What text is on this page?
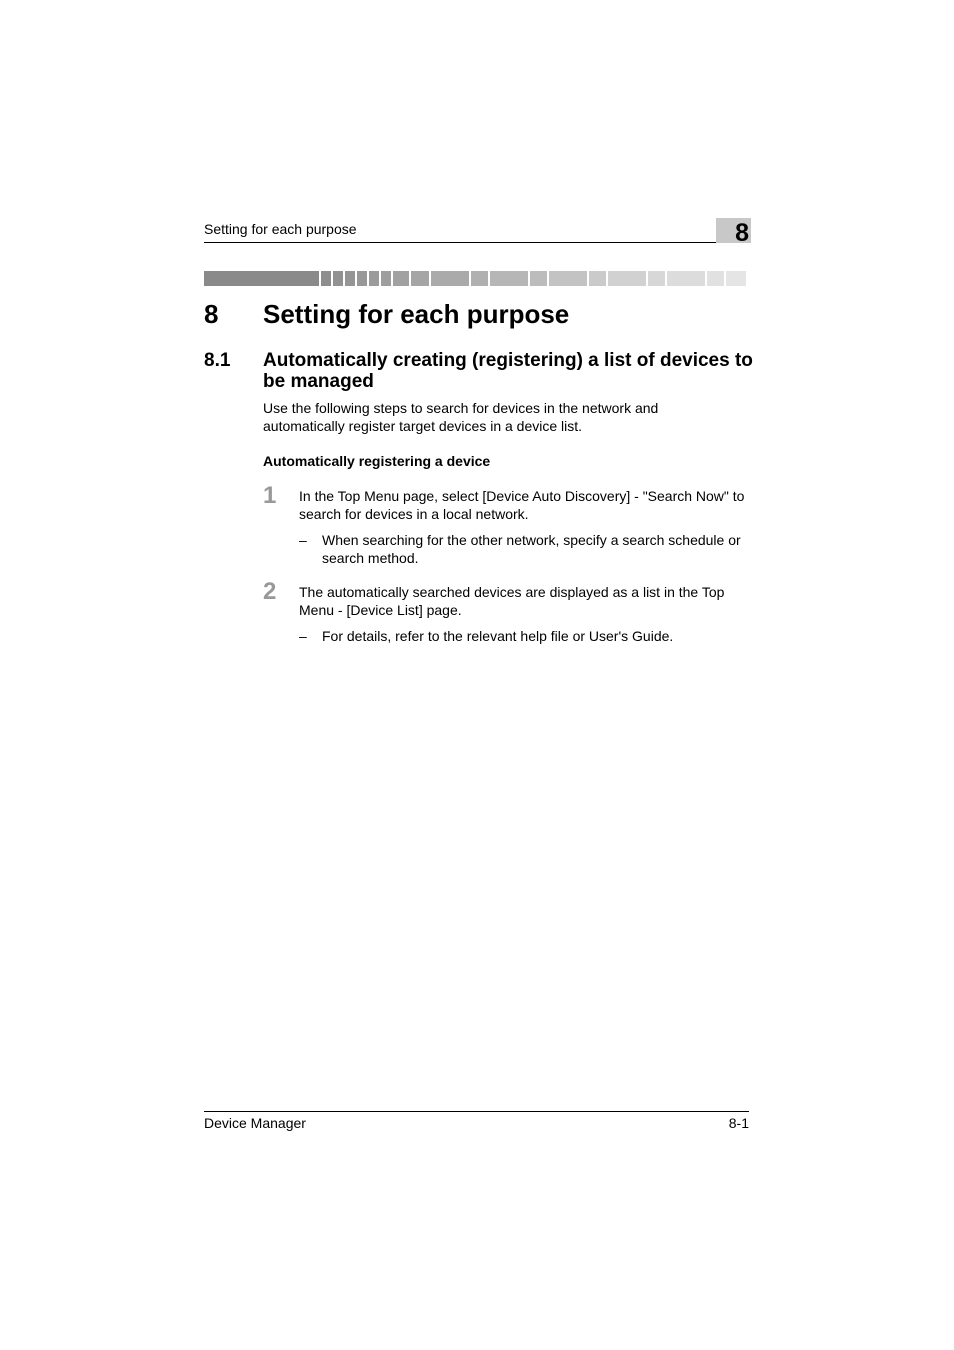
Setting for each purpose	8
8 Setting for each purpose
8.1 Automatically creating (registering) a list of devices to be managed
Use the following steps to search for devices in the network and automatically register target devices in a device list.
Automatically registering a device
1 In the Top Menu page, select [Device Auto Discovery] - "Search Now" to search for devices in a local network.
– When searching for the other network, specify a search schedule or search method.
2 The automatically searched devices are displayed as a list in the Top Menu - [Device List] page.
– For details, refer to the relevant help file or User's Guide.
Device Manager	8-1
